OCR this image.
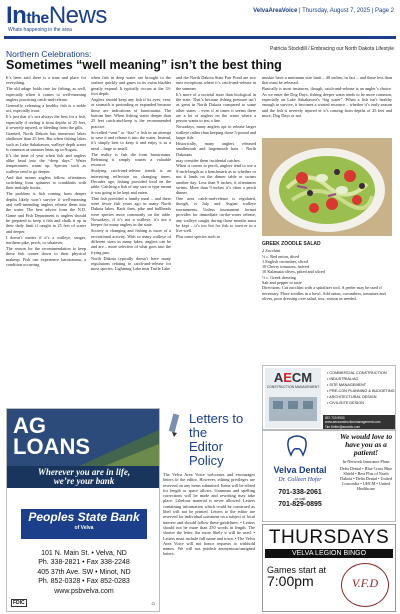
IntheNews
Whats happening in the area
VelvaAreaVoice | Thursday, August 7, 2025 | Page 2
Northern Celebrations:	Patricia Stockdill / Embracing our North Dakota Lifestyle
Sometimes “well meaning” isn’t the best thing

It’s been said there is a time and place for everything.

The old adage holds true for fishing, as well, especially when it comes to well-meaning anglers practicing catch-and-release.

Generally, releasing a healthy fish is a noble act, especially trout.

It’s just that it’s not always the best for a fish, especially if reeling it from depths of 25 feet, if severely injured, or bleeding from the gills.

Granted, North Dakota has numerous lakes shallower than 25 feet. But when fishing lakes such as Lake Sakakawea, walleye depth water is common as summer heats up in August.

It’s the time of year when fish and anglers alike head into the “deep days.” Water temperatures warm up. Species such as walleye tend to go deeper.

And that means anglers follow, oftentimes switching from spinners to crankbaits with their multiple hooks.

The problem is fish coming from deeper depths likely won’t survive if well-meaning and well-intending anglers release them into the water. The best advice from the N.D. Game and Fish Department is anglers should be prepared to keep a fish and chalk it up in their daily limit if caught in 25 feet of water and deeper.

I doesn’t matter if it’s a walleye, sauger, northern pike, perch, or whatever.

The reason for the recommendation to keep these fish comes down to their physical makeup. Fish can experience barotrauma, a condition occurring

when fish in deep water are brought to the surface quickly and gases in its swim bladder greatly expand. It typically occurs at the 33-foot depth.

Anglers should keep any fish if its eyes, vent, or stomach is protruding or expanded because those are indications of barotrauma. The bottom line: When fishing water deeper than 25 feet catch-and-keep is the recommended practice.

So-called “vent” or “fizz” a fish in an attempt to save it and release it into the water. Instead, it’s simply best to keep it and enjoy it as a meal – large or small.

The reality is fish die from barotrauma. Releasing it simply wastes a valuable resource.

Studying catch-and-release trends is an interesting reflection on changing times. Decades ago, fishing provided food on the table. Catching a fish of any size or type meant it was going to be kept and eaten.

That fish provided a family meal – and there were fewer fish years ago in many North Dakota lakes. Back then, pike and bullheads were species more commonly on the table. Nowadays, if it’s not a walleye, it’s not a keeper for many anglers in the state.

Society is changing and fishing is more of a recreational activity. With so many walleye of different sizes in many lakes, anglers can be and are – more selective of what goes into the frying pan.

North Dakota typically doesn’t have many regulations relating to catch-and-release for most species. Lightning Lake near Turtle Lake

and the North Dakota State Fair Pond are two area exceptions where it’s catch-and-release in the summer.

It’s more of a societal issue than biological in the state. That’s because fishing pressure isn’t as great in North Dakota compared to some other states – even if at times it seems there are a lot of anglers on the water where a person wants to test a line.

Nowadays, many anglers opt to release larger walleye rather than keeping those 5-pound and larger fish.

Historically, many anglers released smallmouth and largemouth bass - North Dakotans

may consider them incidental catches.

When it comes to perch, anglers tend to use a 9-inch-length as a benchmark as to whether or not it lands on the dinner table or swims another day. Less than 9 inches, it oftentimes swims. More than 9 inches it’s often a perch dinner.

One area catch-and-release is regulated, though, is July and August walleye tournaments. Unless tournament format provides for immediate on-the-water release, any walleye caught during those months must be kept – it’s too hot for fish to survive in a live-well.

Plus some species such as

muskie have a minimum size limit – 48 inches, in fact – and these less than that must be released.

Basically is most instances, though, catch-and-release is an angler’s choice. As we enter the Dog Days, fishing deeper water tends to be more common, especially on Lake Sakakawea’s “big water”. When a fish isn’t healthy enough to survive, it becomes a wasted resource – whether it’s early season and the fish is severely injured or it’s coming from depths of 25 feet and more, Dog Days or not.

GREEK ZOODLE SALAD
2 Zucchini
½ c. Red onion, diced
1 English cucumber, sliced
10 Cherry tomatoes, halved
10 Kalamata olives, pitted and sliced
½ c. Greek dressing
Salt and pepper to taste
Directions: Cut zucchini with a spiralizer tool. A peeler may be used if necessary. Place zoodles in a bowl. Add onion, cucumbers, tomatoes and olives, pour dressing over salad, toss, season as needed.
AG
LOANS
Wherever you are in life,
we’re your bank
Peoples State Bank
of Velva
101 N. Main St. • Velva, ND
Ph. 338-2821 • Fax 338-2248
405 37th Ave. SW • Minot, ND
Ph. 852-0328 • Fax 852-0283
www.psbvelva.com
FDIC	⌂
Letters to the
Editor Policy
The Velva Area Voice welcomes and encourages letters to the editor. However, editing privileges are reserved on any items submitted. Items will be edited for length or space allows. Grammar and spelling corrections will be made and rewriting may take place. Libelous material is never allowed. Letters containing information which could be construed as libel will not be printed. Letters to the editor are reserved for individual comment on a subject of local interest and should follow these guidelines: • Letters should not be more than 250 words in length. The shorter the letter, the more likely it will be used. • Letters must include full name and town. • The Velva Area Voice will not honor requests to withhold names. We will not publish anonymous/unsigned letters.
AECM
CONSTRUCTION MANAGEMENT
• COMMERCIAL CONSTRUCTION
• INDUSTRIAL/AG
• SITE MANAGEMENT
• PRE-CON PLANNING & BUDGETING
• ARCHITECTURAL DESIGN
• CIVIL/SITE DESIGN
857.719.9930
www.aecconstructionmanagement.com
Tim.Keller@aecmllc.com
Velva Dental
Dr. Colleen Hofer
701-338-2061
or call
701-829-0895
We would love to have you as a patient!
In-Network Insurance Plans
Delta Dental • Blue Cross Blue Shield • Best Plus of North Dakota • Delta Dental • United Concordia • UHCM • United Healthcare
THURSDAYS
VELVA LEGION BINGO
Games start at
7:00pm	V.F.D
